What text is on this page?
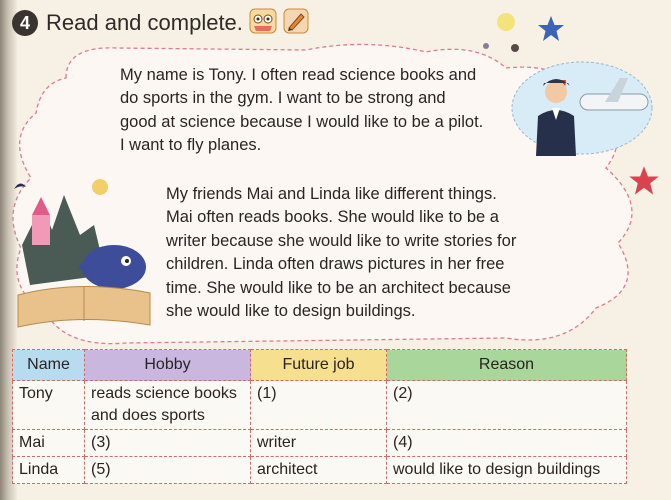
4 Read and complete.
My name is Tony. I often read science books and
do sports in the gym. I want to be strong and
good at science because I would like to be a pilot.
I want to fly planes.
My friends Mai and Linda like different things.
Mai often reads books. She would like to be a
writer because she would like to write stories for
children. Linda often draws pictures in her free
time. She would like to be an architect because
she would like to design buildings.
Name	Hobby	Future job	Reason
Tony	reads science books
and does sports	(1)	(2)
Mai	(3)	writer	(4)
Linda	(5)	architect	would like to design buildings
